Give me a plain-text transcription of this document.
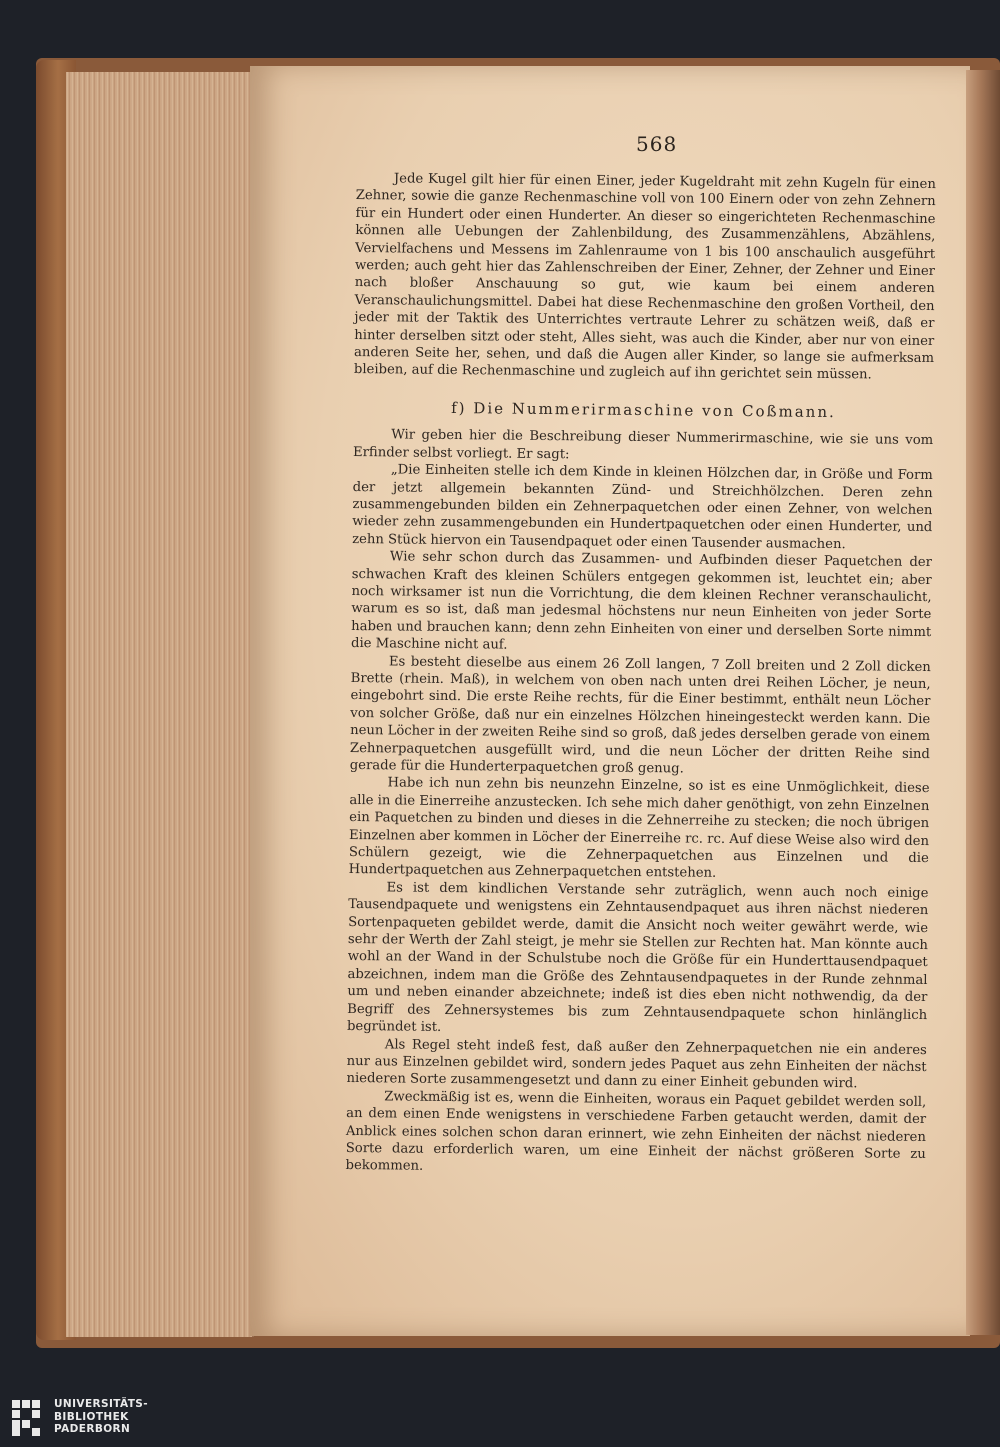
568

Jede Kugel gilt hier für einen Einer, jeder Kugeldraht mit zehn Kugeln für einen Zehner, sowie die ganze Rechenmaschine voll von 100 Einern oder von zehn Zehnern für ein Hundert oder einen Hunderter. An dieser so eingerichteten Rechenmaschine können alle Uebungen der Zahlenbildung, des Zusammenzählens, Abzählens, Vervielfachens und Messens im Zahlenraume von 1 bis 100 anschaulich ausgeführt werden; auch geht hier das Zahlenschreiben der Einer, Zehner, der Zehner und Einer nach bloßer Anschauung so gut, wie kaum bei einem anderen Veranschaulichungsmittel. Dabei hat diese Rechenmaschine den großen Vortheil, den jeder mit der Taktik des Unterrichtes vertraute Lehrer zu schätzen weiß, daß er hinter derselben sitzt oder steht, Alles sieht, was auch die Kinder, aber nur von einer anderen Seite her, sehen, und daß die Augen aller Kinder, so lange sie aufmerksam bleiben, auf die Rechenmaschine und zugleich auf ihn gerichtet sein müssen.

f) Die Nummerirmaschine von Coßmann.

Wir geben hier die Beschreibung dieser Nummerirmaschine, wie sie uns vom Erfinder selbst vorliegt. Er sagt:

„Die Einheiten stelle ich dem Kinde in kleinen Hölzchen dar, in Größe und Form der jetzt allgemein bekannten Zünd- und Streichhölzchen. Deren zehn zusammengebunden bilden ein Zehnerpaquetchen oder einen Zehner, von welchen wieder zehn zusammengebunden ein Hundertpaquetchen oder einen Hunderter, und zehn Stück hiervon ein Tausendpaquet oder einen Tausender ausmachen.

Wie sehr schon durch das Zusammen- und Aufbinden dieser Paquetchen der schwachen Kraft des kleinen Schülers entgegen gekommen ist, leuchtet ein; aber noch wirksamer ist nun die Vorrichtung, die dem kleinen Rechner veranschaulicht, warum es so ist, daß man jedesmal höchstens nur neun Einheiten von jeder Sorte haben und brauchen kann; denn zehn Einheiten von einer und derselben Sorte nimmt die Maschine nicht auf.

Es besteht dieselbe aus einem 26 Zoll langen, 7 Zoll breiten und 2 Zoll dicken Brette (rhein. Maß), in welchem von oben nach unten drei Reihen Löcher, je neun, eingebohrt sind. Die erste Reihe rechts, für die Einer bestimmt, enthält neun Löcher von solcher Größe, daß nur ein einzelnes Hölzchen hineingesteckt werden kann. Die neun Löcher in der zweiten Reihe sind so groß, daß jedes derselben gerade von einem Zehnerpaquetchen ausgefüllt wird, und die neun Löcher der dritten Reihe sind gerade für die Hunderterpaquetchen groß genug.

Habe ich nun zehn bis neunzehn Einzelne, so ist es eine Unmöglichkeit, diese alle in die Einerreihe anzustecken. Ich sehe mich daher genöthigt, von zehn Einzelnen ein Paquetchen zu binden und dieses in die Zehnerreihe zu stecken; die noch übrigen Einzelnen aber kommen in Löcher der Einerreihe rc. rc. Auf diese Weise also wird den Schülern gezeigt, wie die Zehnerpaquetchen aus Einzelnen und die Hundertpaquetchen aus Zehnerpaquetchen entstehen.

Es ist dem kindlichen Verstande sehr zuträglich, wenn auch noch einige Tausendpaquete und wenigstens ein Zehntausendpaquet aus ihren nächst niederen Sortenpaqueten gebildet werde, damit die Ansicht noch weiter gewährt werde, wie sehr der Werth der Zahl steigt, je mehr sie Stellen zur Rechten hat. Man könnte auch wohl an der Wand in der Schulstube noch die Größe für ein Hunderttausendpaquet abzeichnen, indem man die Größe des Zehntausendpaquetes in der Runde zehnmal um und neben einander abzeichnete; indeß ist dies eben nicht nothwendig, da der Begriff des Zehnersystemes bis zum Zehntausendpaquete schon hinlänglich begründet ist.

Als Regel steht indeß fest, daß außer den Zehnerpaquetchen nie ein anderes nur aus Einzelnen gebildet wird, sondern jedes Paquet aus zehn Einheiten der nächst niederen Sorte zusammengesetzt und dann zu einer Einheit gebunden wird.

Zweckmäßig ist es, wenn die Einheiten, woraus ein Paquet gebildet werden soll, an dem einen Ende wenigstens in verschiedene Farben getaucht werden, damit der Anblick eines solchen schon daran erinnert, wie zehn Einheiten der nächst niederen Sorte dazu erforderlich waren, um eine Einheit der nächst größeren Sorte zu bekommen.

UNIVERSITÄTS-
BIBLIOTHEK
PADERBORN
